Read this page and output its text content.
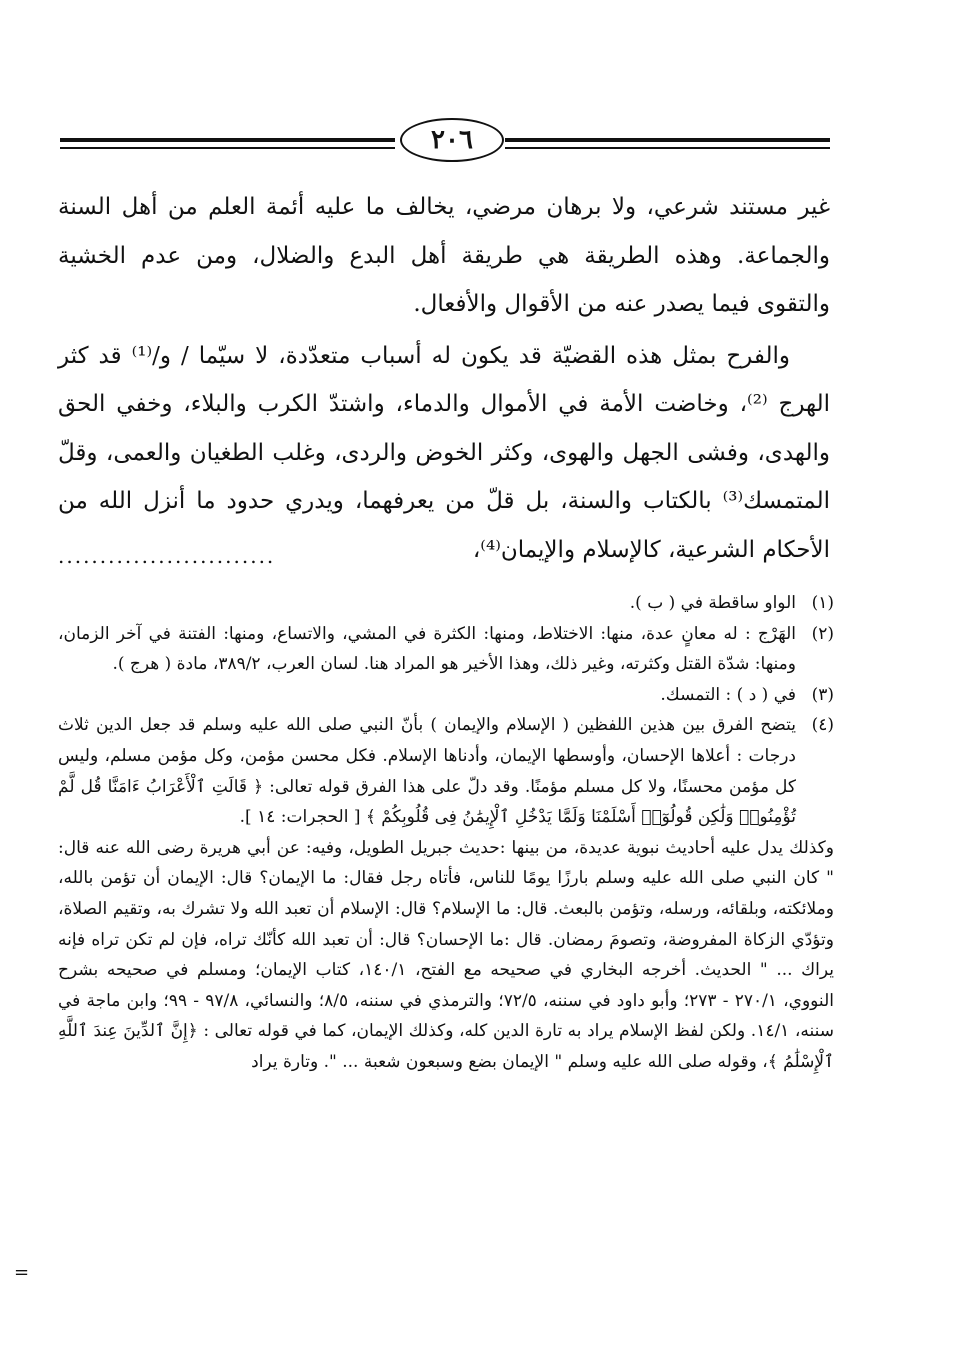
٢٠٦

غير مستند شرعي، ولا برهان مرضي، يخالف ما عليه أئمة العلم من أهل السنة والجماعة. وهذه الطريقة هي طريقة أهل البدع والضلال، ومن عدم الخشية والتقوى فيما يصدر عنه من الأقوال والأفعال.

والفرح بمثل هذه القضيّة قد يكون له أسباب متعدّدة، لا سيّما / و/⁽¹⁾ قد كثر الهرج ⁽²⁾، وخاضت الأمة في الأموال والدماء، واشتدّ الكرب والبلاء، وخفي الحق والهدى، وفشى الجهل والهوى، وكثر الخوض والردى، وغلب الطغيان والعمى، وقلّ المتمسك⁽³⁾ بالكتاب والسنة، بل قلّ من يعرفهما، ويدري حدود ما أنزل الله من الأحكام الشرعية، كالإسلام والإيمان⁽⁴⁾،

..........................
(١)
الواو ساقطة في ( ب ).
(٢)
الهَرْج : له معانٍ عدة، منها: الاختلاط، ومنها: الكثرة في المشي، والاتساع، ومنها: الفتنة في آخر الزمان، ومنها: شدّة القتل وكثرته، وغير ذلك، وهذا الأخير هو المراد هنا. لسان العرب، ٣٨٩/٢، مادة ( هرج ).
(٣)
في ( د ) : التمسك.
(٤)
يتضح الفرق بين هذين اللفظين ( الإسلام والإيمان ) بأنّ النبي صلى الله عليه وسلم قد جعل الدين ثلاث درجات : أعلاها الإحسان، وأوسطها الإيمان، وأدناها الإسلام. فكل محسن مؤمن، وكل مؤمن مسلم، وليس كل مؤمن محسنًا، ولا كل مسلم مؤمنًا. وقد دلّ على هذا الفرق قوله تعالى: ﴿ قَالَتِ ٱلْأَعْرَابُ ءَامَنَّا قُل لَّمْ تُؤْمِنُوا۟ وَلَٰكِن قُولُوٓا۟ أَسْلَمْنَا وَلَمَّا يَدْخُلِ ٱلْإِيمَٰنُ فِى قُلُوبِكُمْ ﴾ [ الحجرات: ١٤ ].
وكذلك يدل عليه أحاديث نبوية عديدة، من بينها :حديث جبريل الطويل، وفيه: عن أبي هريرة رضى الله عنه قال: " كان النبي صلى الله عليه وسلم بارزًا يومًا للناس، فأتاه رجل فقال: ما الإيمان؟ قال: الإيمان أن تؤمن بالله، وملائكته، وبلقائه، ورسله، وتؤمن بالبعث. قال: ما الإسلام؟ قال: الإسلام أن تعبد الله ولا تشرك به، وتقيم الصلاة، وتؤدّي الزكاة المفروضة، وتصومَ رمضان. قال :ما الإحسان؟ قال: أن تعبد الله كأنّك تراه، فإن لم تكن تراه فإنه يراك ... " الحديث. أخرجه البخاري في صحيحه مع الفتح، ١٤٠/١، كتاب الإيمان؛ ومسلم في صحيحه بشرح النووي، ٢٧٠/١ - ٢٧٣؛ وأبو داود في سننه، ٧٢/٥؛ والترمذي في سننه، ٨/٥؛ والنسائي، ٩٧/٨ - ٩٩؛ وابن ماجة في سننه، ١٤/١. ولكن لفظ الإسلام يراد به تارة الدين كله، وكذلك الإيمان، كما في قوله تعالى : ﴿إِنَّ ٱلدِّينَ عِندَ ٱللَّهِ ٱلْإِسْلَٰمُ ﴾، وقوله صلى الله عليه وسلم " الإيمان بضع وسبعون شعبة ... ". وتارة يراد
=
